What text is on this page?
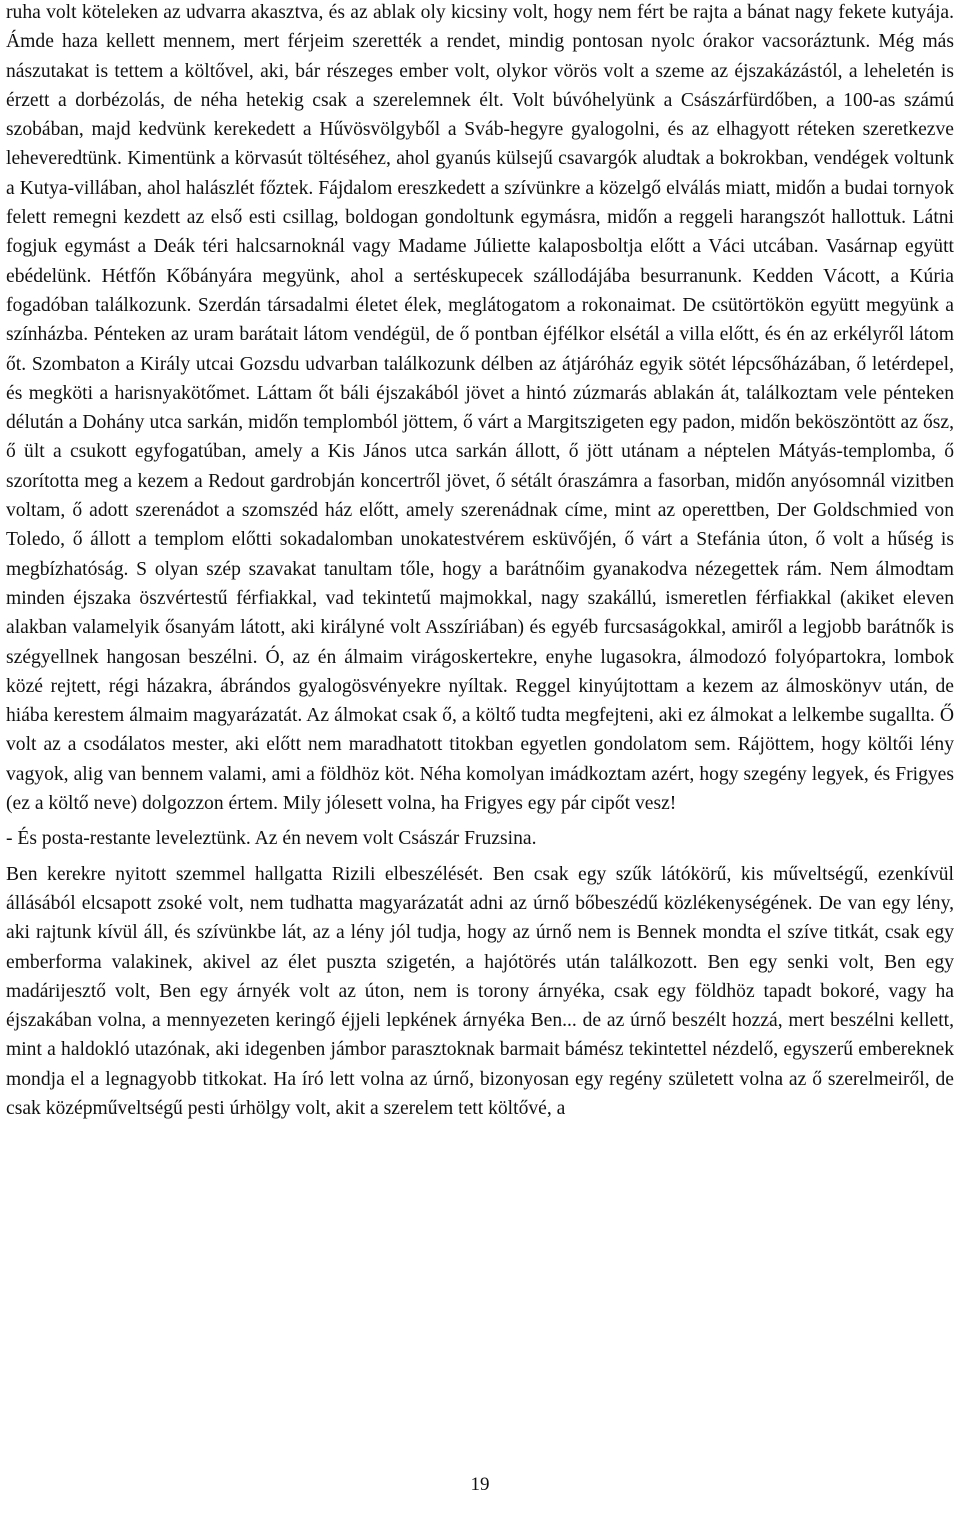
ruha volt köteleken az udvarra akasztva, és az ablak oly kicsiny volt, hogy nem fért be rajta a bánat nagy fekete kutyája. Ámde haza kellett mennem, mert férjeim szerették a rendet, mindig pontosan nyolc órakor vacsoráztunk. Még más nászutakat is tettem a költővel, aki, bár részeges ember volt, olykor vörös volt a szeme az éjszakázástól, a leheletén is érzett a dorbézolás, de néha hetekig csak a szerelemnek élt. Volt búvóhelyünk a Császárfürdőben, a 100-as számú szobában, majd kedvünk kerekedett a Hűvösvölgyből a Sváb-hegyre gyalogolni, és az elhagyott réteken szeretkezve leheveredtünk. Kimentünk a körvasút töltéséhez, ahol gyanús külsejű csavargók aludtak a bokrokban, vendégek voltunk a Kutya-villában, ahol halászlét főztek. Fájdalom ereszkedett a szívünkre a közelgő elválás miatt, midőn a budai tornyok felett remegni kezdett az első esti csillag, boldogan gondoltunk egymásra, midőn a reggeli harangszót hallottuk. Látni fogjuk egymást a Deák téri halcsarnoknál vagy Madame Júliette kalaposboltja előtt a Váci utcában. Vasárnap együtt ebédelünk. Hétfőn Kőbányára megyünk, ahol a sertéskupecek szállodájába besurranunk. Kedden Vácott, a Kúria fogadóban találkozunk. Szerdán társadalmi életet élek, meglátogatom a rokonaimat. De csütörtökön együtt megyünk a színházba. Pénteken az uram barátait látom vendégül, de ő pontban éjfélkor elsétál a villa előtt, és én az erkélyről látom őt. Szombaton a Király utcai Gozsdu udvarban találkozunk délben az átjáróház egyik sötét lépcsőházában, ő letérdepel, és megköti a harisnyakötőmet. Láttam őt báli éjszakából jövet a hintó zúzmarás ablakán át, találkoztam vele pénteken délután a Dohány utca sarkán, midőn templomból jöttem, ő várt a Margitszigeten egy padon, midőn beköszöntött az ősz, ő ült a csukott egyfogatúban, amely a Kis János utca sarkán állott, ő jött utánam a néptelen Mátyás-templomba, ő szorította meg a kezem a Redout gardrobján koncertről jövet, ő sétált óraszámra a fasorban, midőn anyósomnál vizitben voltam, ő adott szerenádot a szomszéd ház előtt, amely szerenádnak címe, mint az operettben, Der Goldschmied von Toledo, ő állott a templom előtti sokadalomban unokatestvérem esküvőjén, ő várt a Stefánia úton, ő volt a hűség is megbízhatóság. S olyan szép szavakat tanultam tőle, hogy a barátnőim gyanakodva nézegettek rám. Nem álmodtam minden éjszaka öszvértestű férfiakkal, vad tekintetű majmokkal, nagy szakállú, ismeretlen férfiakkal (akiket eleven alakban valamelyik ősanyám látott, aki királyné volt Asszíriában) és egyéb furcsaságokkal, amiről a legjobb barátnők is szégyellnek hangosan beszélni. Ó, az én álmaim virágoskertekre, enyhe lugasokra, álmodozó folyópartokra, lombok közé rejtett, régi házakra, ábrándos gyalogösvényekre nyíltak. Reggel kinyújtottam a kezem az álmoskönyv után, de hiába kerestem álmaim magyarázatát. Az álmokat csak ő, a költő tudta megfejteni, aki ez álmokat a lelkembe sugallta. Ő volt az a csodálatos mester, aki előtt nem maradhatott titokban egyetlen gondolatom sem. Rájöttem, hogy költői lény vagyok, alig van bennem valami, ami a földhöz köt. Néha komolyan imádkoztam azért, hogy szegény legyek, és Frigyes (ez a költő neve) dolgozzon értem. Mily jólesett volna, ha Frigyes egy pár cipőt vesz!

- És posta-restante leveleztünk. Az én nevem volt Császár Fruzsina.

Ben kerekre nyitott szemmel hallgatta Rizili elbeszélését. Ben csak egy szűk látókörű, kis műveltségű, ezenkívül állásából elcsapott zsoké volt, nem tudhatta magyarázatát adni az úrnő bőbeszédű közlékenységének. De van egy lény, aki rajtunk kívül áll, és szívünkbe lát, az a lény jól tudja, hogy az úrnő nem is Bennek mondta el szíve titkát, csak egy emberforma valakinek, akivel az élet puszta szigetén, a hajótörés után találkozott. Ben egy senki volt, Ben egy madárijesztő volt, Ben egy árnyék volt az úton, nem is torony árnyéka, csak egy földhöz tapadt bokoré, vagy ha éjszakában volna, a mennyezeten keringő éjjeli lepkének árnyéka Ben... de az úrnő beszélt hozzá, mert beszélni kellett, mint a haldokló utazónak, aki idegenben jámbor parasztoknak barmait bámész tekintettel nézdelő, egyszerű embereknek mondja el a legnagyobb titkokat. Ha író lett volna az úrnő, bizonyosan egy regény született volna az ő szerelmeiről, de csak középműveltségű pesti úrhölgy volt, akit a szerelem tett költővé, a

19
